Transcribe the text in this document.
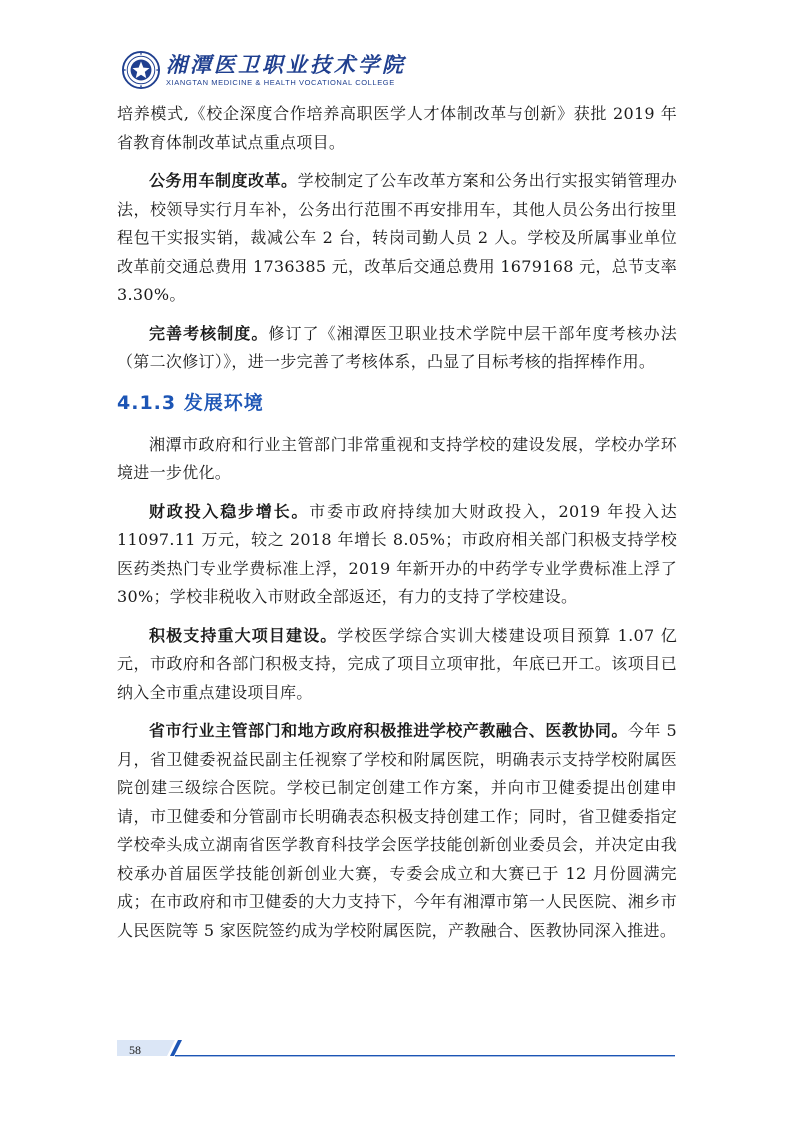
湘潭医卫职业技术学院
XIANGTAN MEDICINE & HEALTH VOCATIONAL COLLEGE

培养模式,《校企深度合作培养高职医学人才体制改革与创新》获批 2019 年省教育体制改革试点重点项目。

公务用车制度改革。学校制定了公车改革方案和公务出行实报实销管理办法，校领导实行月车补，公务出行范围不再安排用车，其他人员公务出行按里程包干实报实销，裁减公车 2 台，转岗司勤人员 2 人。学校及所属事业单位改革前交通总费用 1736385 元，改革后交通总费用 1679168 元，总节支率 3.30%。

完善考核制度。修订了《湘潭医卫职业技术学院中层干部年度考核办法（第二次修订）》，进一步完善了考核体系，凸显了目标考核的指挥棒作用。

4.1.3 发展环境

湘潭市政府和行业主管部门非常重视和支持学校的建设发展，学校办学环境进一步优化。

财政投入稳步增长。市委市政府持续加大财政投入，2019 年投入达 11097.11 万元，较之 2018 年增长 8.05%；市政府相关部门积极支持学校医药类热门专业学费标准上浮，2019 年新开办的中药学专业学费标准上浮了 30%；学校非税收入市财政全部返还，有力的支持了学校建设。

积极支持重大项目建设。学校医学综合实训大楼建设项目预算 1.07 亿元，市政府和各部门积极支持，完成了项目立项审批，年底已开工。该项目已纳入全市重点建设项目库。

省市行业主管部门和地方政府积极推进学校产教融合、医教协同。今年 5 月，省卫健委祝益民副主任视察了学校和附属医院，明确表示支持学校附属医院创建三级综合医院。学校已制定创建工作方案，并向市卫健委提出创建申请，市卫健委和分管副市长明确表态积极支持创建工作；同时，省卫健委指定学校牵头成立湖南省医学教育科技学会医学技能创新创业委员会，并决定由我校承办首届医学技能创新创业大赛，专委会成立和大赛已于 12 月份圆满完成；在市政府和市卫健委的大力支持下，今年有湘潭市第一人民医院、湘乡市人民医院等 5 家医院签约成为学校附属医院，产教融合、医教协同深入推进。

58
